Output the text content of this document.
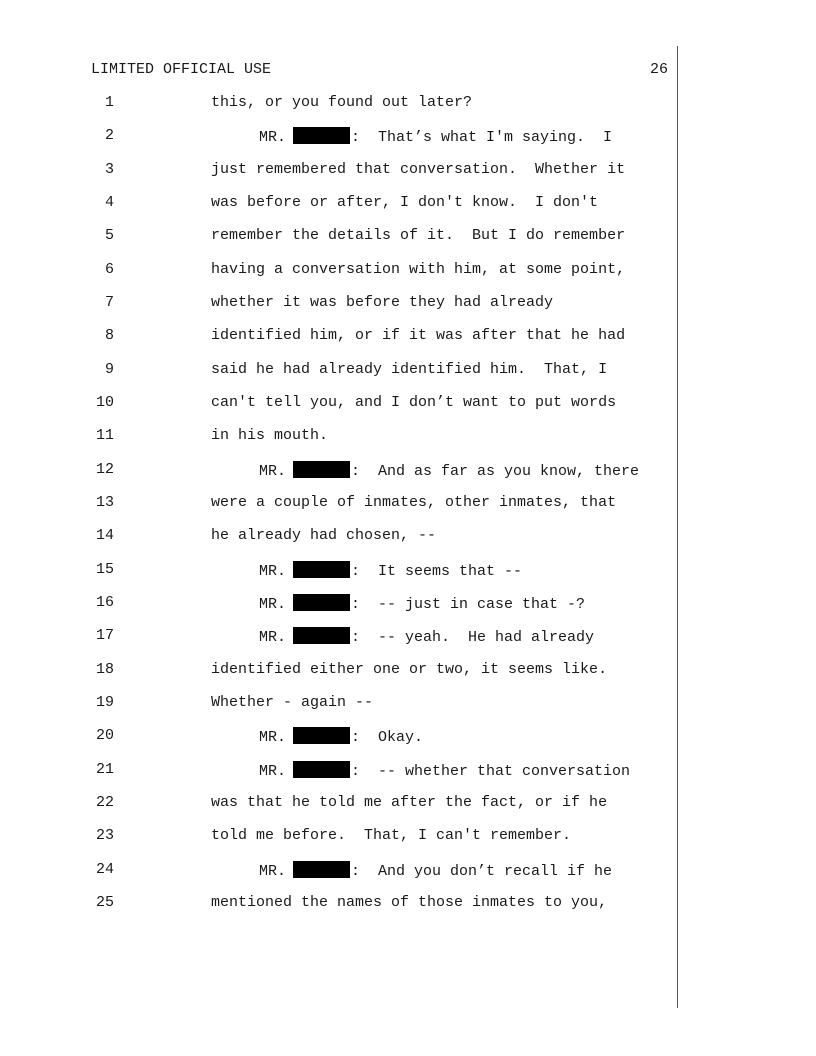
LIMITED OFFICIAL USE	26
1	this, or you found out later?
2	MR.	:  That’s what I'm saying.  I
3	just remembered that conversation.  Whether it
4	was before or after, I don't know.  I don't
5	remember the details of it.  But I do remember
6	having a conversation with him, at some point,
7	whether it was before they had already
8	identified him, or if it was after that he had
9	said he had already identified him.  That, I
10	can't tell you, and I don’t want to put words
11	in his mouth.
12	MR.	:  And as far as you know, there
13	were a couple of inmates, other inmates, that
14	he already had chosen, --
15	MR.	:  It seems that --
16	MR.	:  -- just in case that -?
17	MR.	:  -- yeah.  He had already
18	identified either one or two, it seems like.
19	Whether - again --
20	MR.	:  Okay.
21	MR.	:  -- whether that conversation
22	was that he told me after the fact, or if he
23	told me before.  That, I can't remember.
24	MR.	:  And you don’t recall if he
25	mentioned the names of those inmates to you,
